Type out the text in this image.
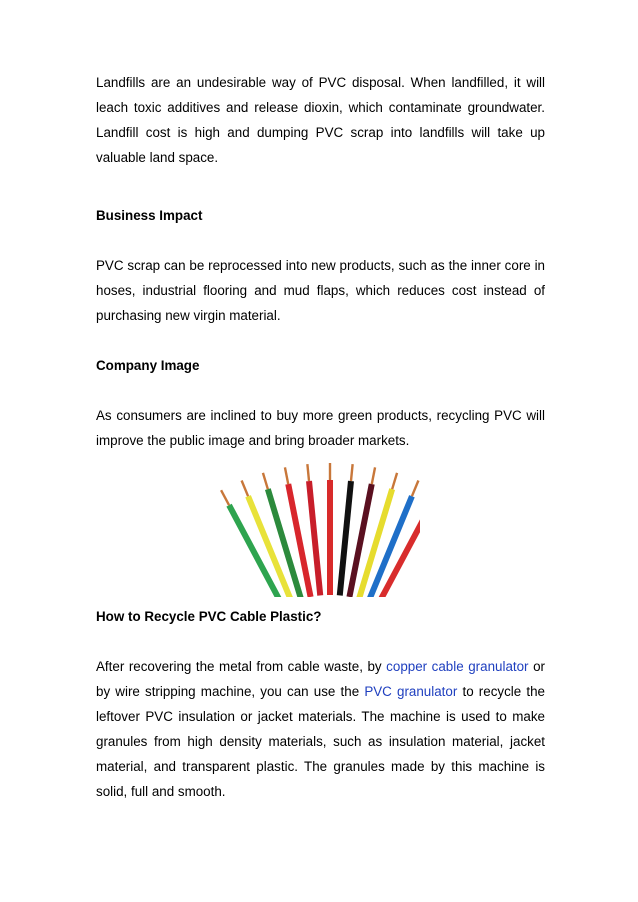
Landfills are an undesirable way of PVC disposal. When landfilled, it will leach toxic additives and release dioxin, which contaminate groundwater. Landfill cost is high and dumping PVC scrap into landfills will take up valuable land space.

Business Impact

PVC scrap can be reprocessed into new products, such as the inner core in hoses, industrial flooring and mud flaps, which reduces cost instead of purchasing new virgin material.

Company Image

As consumers are inclined to buy more green products, recycling PVC will improve the public image and bring broader markets.

How to Recycle PVC Cable Plastic?

After recovering the metal from cable waste, by copper cable granulator or by wire stripping machine, you can use the PVC granulator to recycle the leftover PVC insulation or jacket materials. The machine is used to make granules from high density materials, such as insulation material, jacket material, and transparent plastic. The granules made by this machine is solid, full and smooth.
